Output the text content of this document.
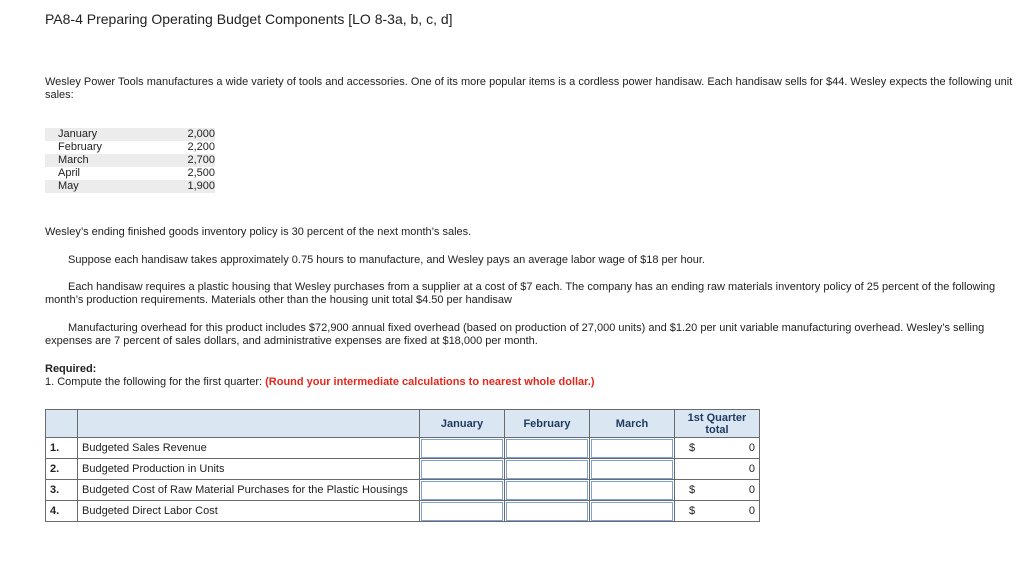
PA8-4 Preparing Operating Budget Components [LO 8-3a, b, c, d]
Wesley Power Tools manufactures a wide variety of tools and accessories. One of its more popular items is a cordless power handisaw. Each handisaw sells for $44. Wesley expects the following unit sales:
January	2,000
February	2,200
March	2,700
April	2,500
May	1,900
Wesley’s ending finished goods inventory policy is 30 percent of the next month’s sales.
Suppose each handisaw takes approximately 0.75 hours to manufacture, and Wesley pays an average labor wage of $18 per hour.
Each handisaw requires a plastic housing that Wesley purchases from a supplier at a cost of $7 each. The company has an ending raw materials inventory policy of 25 percent of the following month’s production requirements. Materials other than the housing unit total $4.50 per handisaw
Manufacturing overhead for this product includes $72,900 annual fixed overhead (based on production of 27,000 units) and $1.20 per unit variable manufacturing overhead. Wesley’s selling expenses are 7 percent of sales dollars, and administrative expenses are fixed at $18,000 per month.
Required:
1. Compute the following for the first quarter: (Round your intermediate calculations to nearest whole dollar.)
		January	February	March	1st Quarter total
1.	Budgeted Sales Revenue				$ 0

2.	Budgeted Production in Units				0

3.	Budgeted Cost of Raw Material Purchases for the Plastic Housings				$ 0

4.	Budgeted Direct Labor Cost				$ 0
